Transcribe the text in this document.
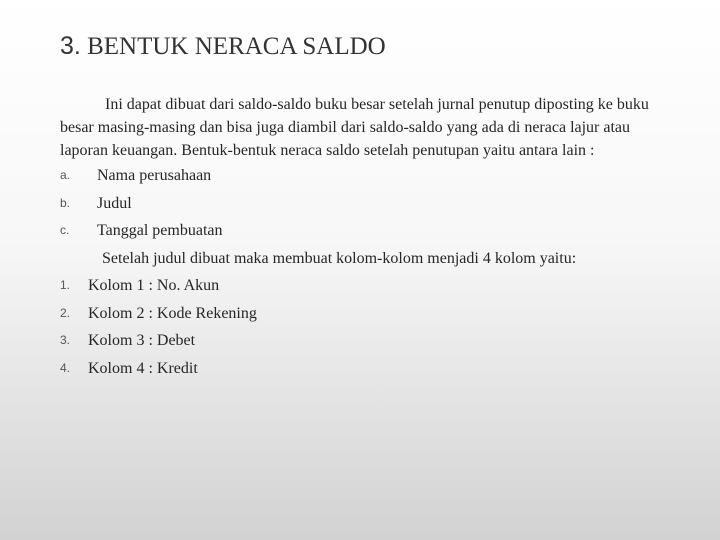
3. BENTUK NERACA SALDO

Ini dapat dibuat dari saldo-saldo buku besar setelah jurnal penutup diposting ke buku besar masing-masing dan bisa juga diambil dari saldo-saldo yang ada di neraca lajur atau laporan keuangan. Bentuk-bentuk neraca saldo setelah penutupan yaitu antara lain :

a. Nama perusahaan
b. Judul
c. Tanggal pembuatan
Setelah judul dibuat maka membuat kolom-kolom menjadi 4 kolom yaitu:
1. Kolom 1 : No. Akun
2. Kolom 2 : Kode Rekening
3. Kolom 3 : Debet
4. Kolom 4 : Kredit
